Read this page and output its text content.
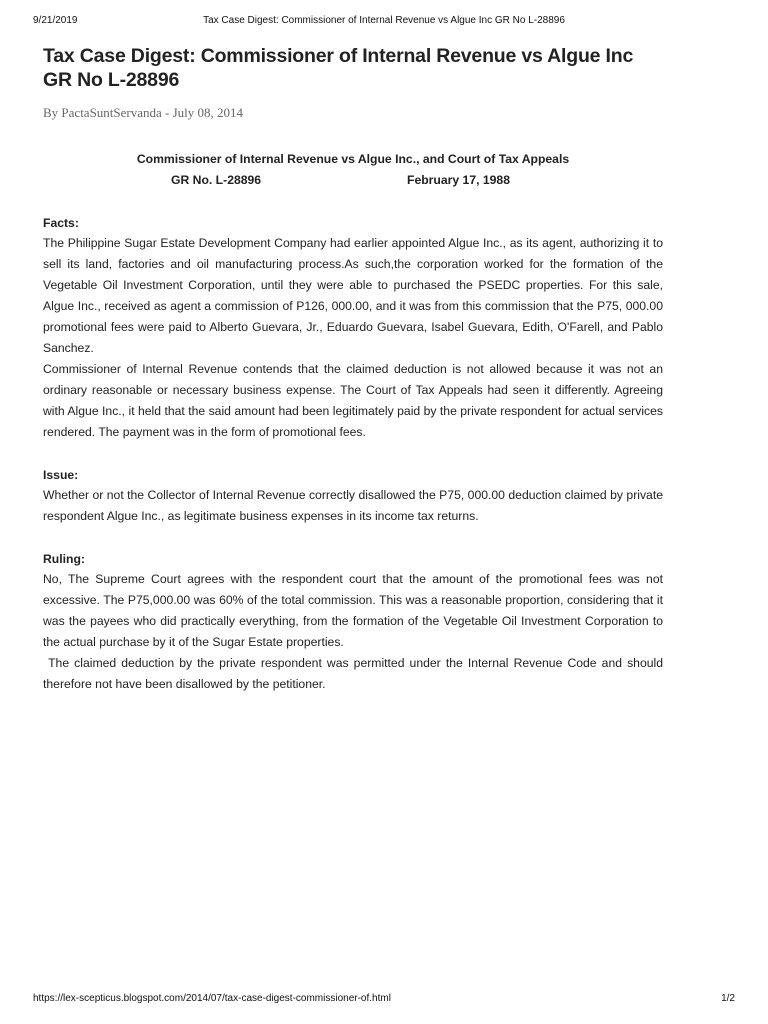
9/21/2019	Tax Case Digest: Commissioner of Internal Revenue vs Algue Inc GR No L-28896
Tax Case Digest: Commissioner of Internal Revenue vs Algue Inc GR No L-28896
By PactaSuntServanda - July 08, 2014
Commissioner of Internal Revenue vs Algue Inc., and Court of Tax Appeals
GR No. L-28896	February 17, 1988
Facts:

The Philippine Sugar Estate Development Company had earlier appointed Algue Inc., as its agent, authorizing it to sell its land, factories and oil manufacturing process.As such,the corporation worked for the formation of the Vegetable Oil Investment Corporation, until they were able to purchased the PSEDC properties. For this sale, Algue Inc., received as agent a commission of P126, 000.00, and it was from this commission that the P75, 000.00 promotional fees were paid to Alberto Guevara, Jr., Eduardo Guevara, Isabel Guevara, Edith, O'Farell, and Pablo Sanchez.

Commissioner of Internal Revenue contends that the claimed deduction is not allowed because it was not an ordinary reasonable or necessary business expense. The Court of Tax Appeals had seen it differently. Agreeing with Algue Inc., it held that the said amount had been legitimately paid by the private respondent for actual services rendered. The payment was in the form of promotional fees.

Issue:

Whether or not the Collector of Internal Revenue correctly disallowed the P75, 000.00 deduction claimed by private respondent Algue Inc., as legitimate business expenses in its income tax returns.

Ruling:

No, The Supreme Court agrees with the respondent court that the amount of the promotional fees was not excessive. The P75,000.00 was 60% of the total commission. This was a reasonable proportion, considering that it was the payees who did practically everything, from the formation of the Vegetable Oil Investment Corporation to the actual purchase by it of the Sugar Estate properties.

The claimed deduction by the private respondent was permitted under the Internal Revenue Code and should therefore not have been disallowed by the petitioner.

https://lex-scepticus.blogspot.com/2014/07/tax-case-digest-commissioner-of.html	1/2
